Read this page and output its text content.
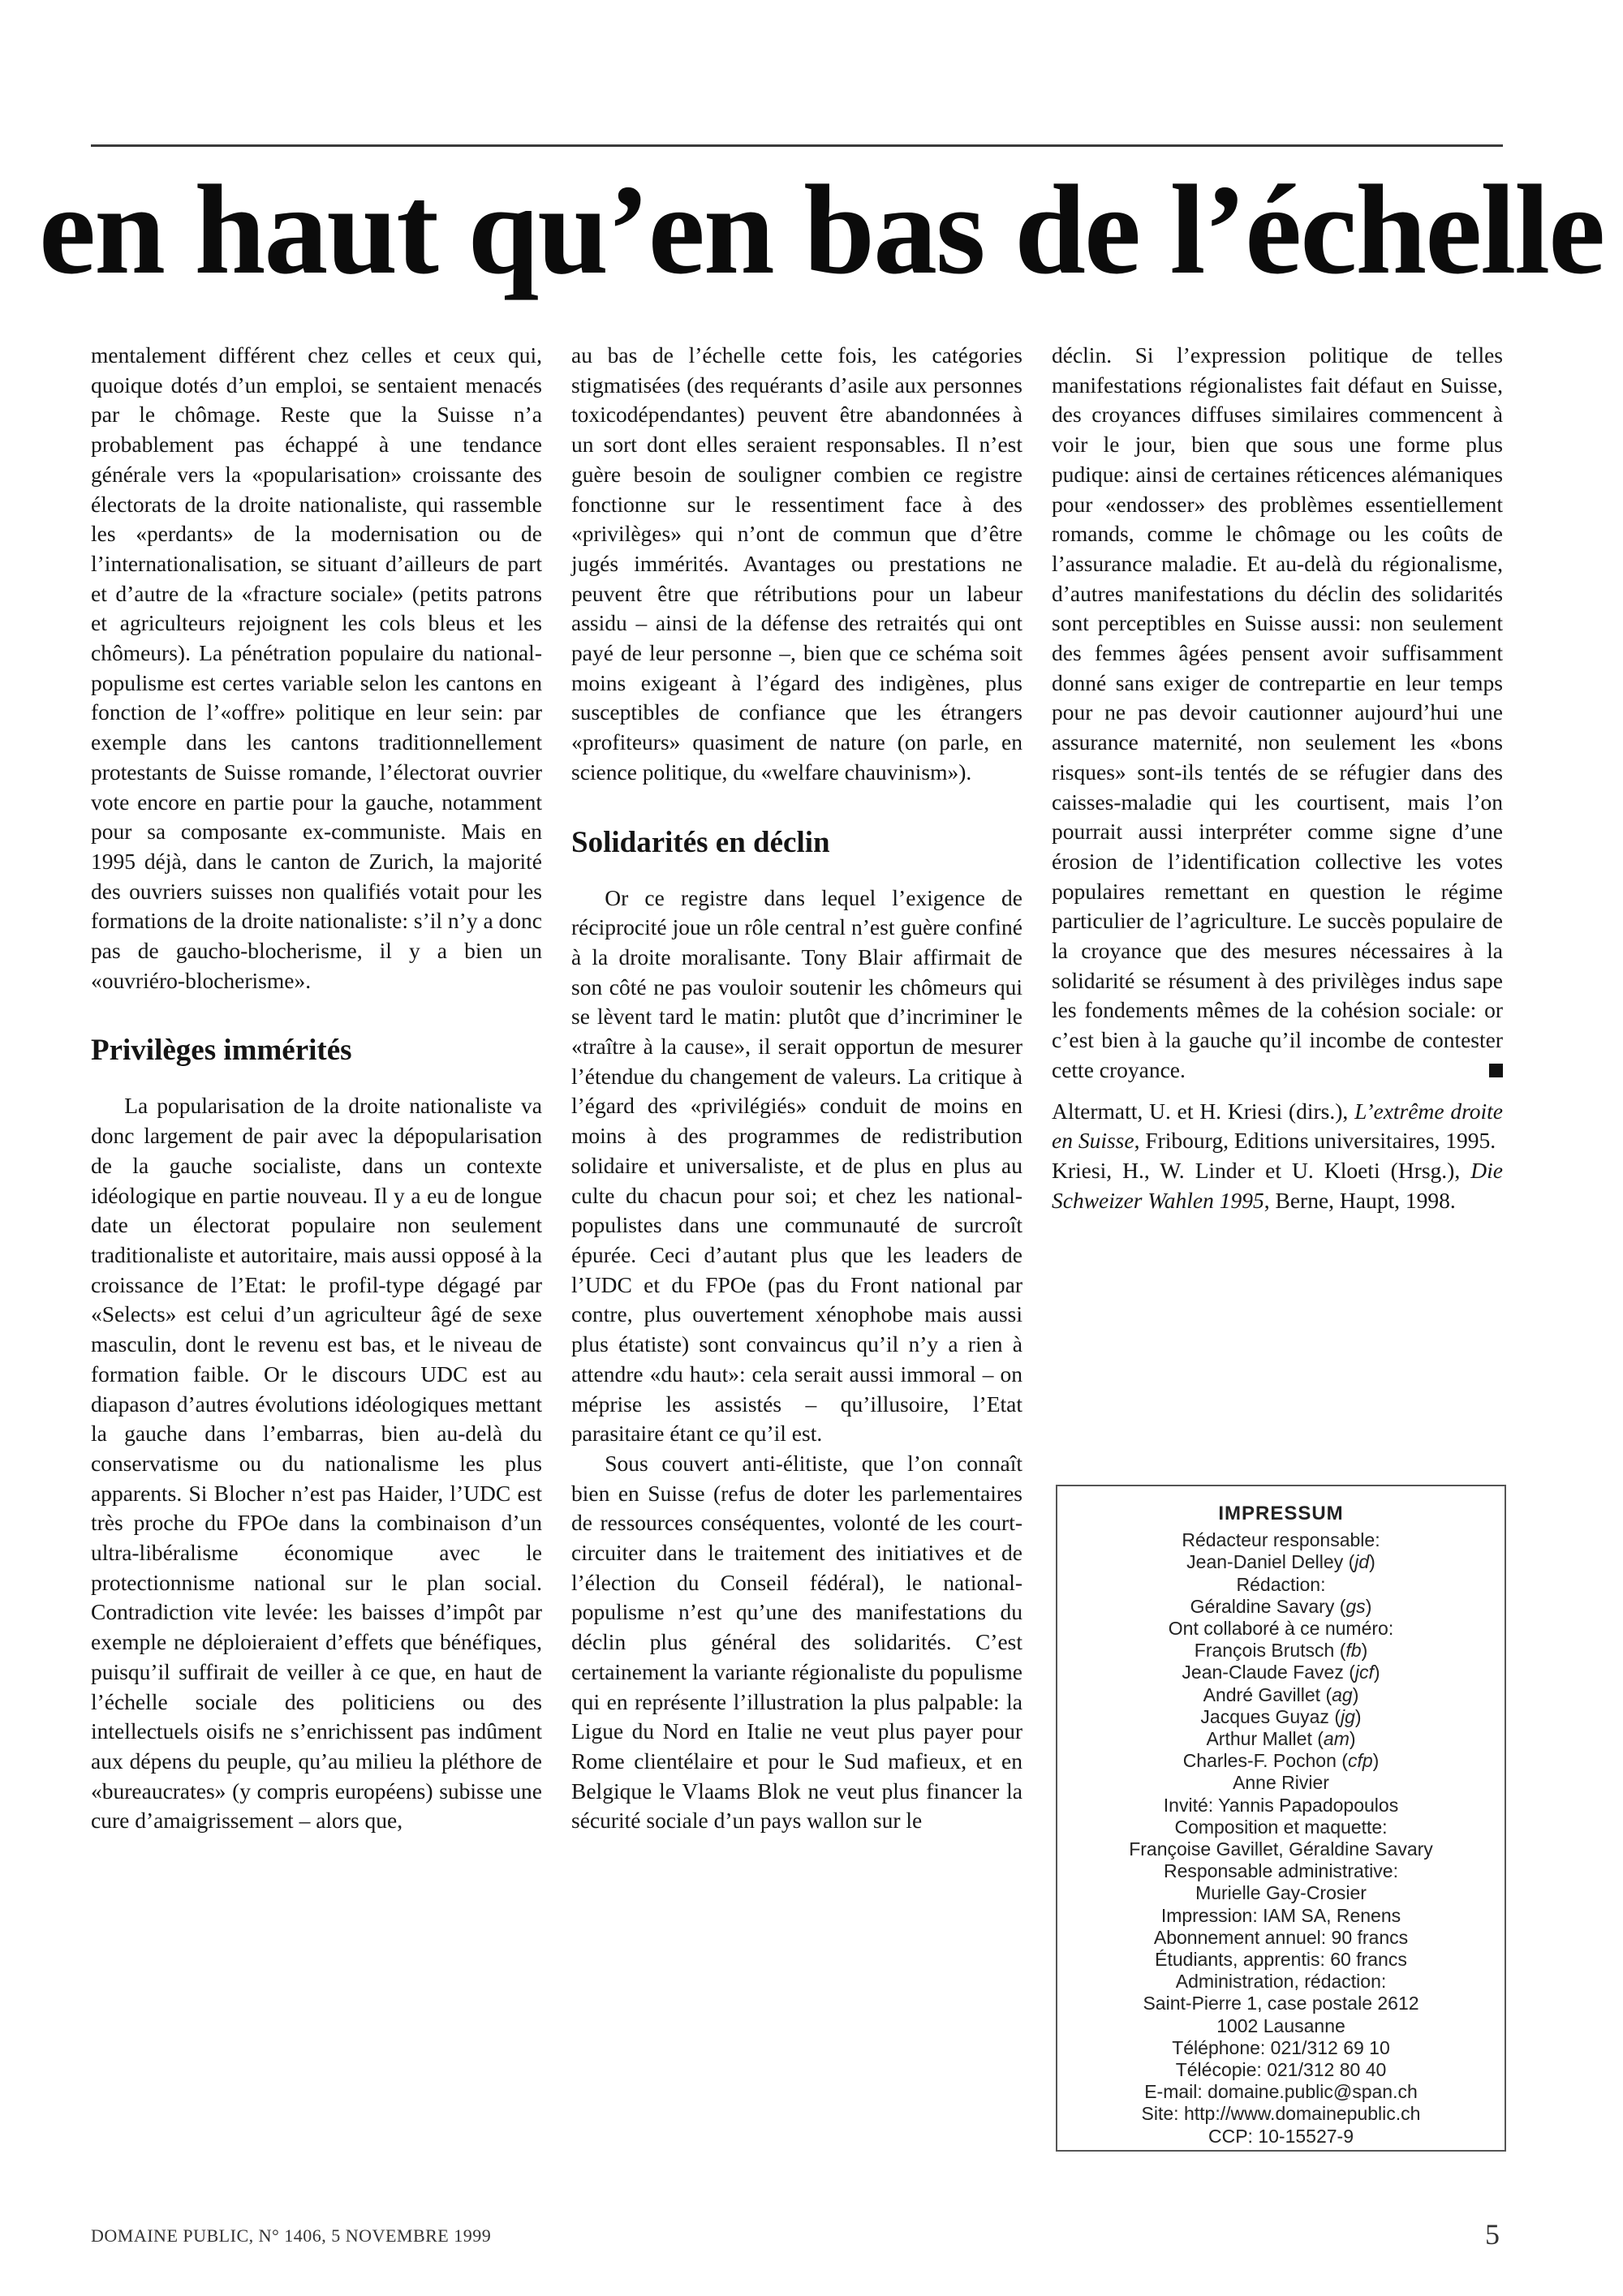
en haut qu’en bas de l’échelle

mentalement différent chez celles et ceux qui, quoique dotés d’un emploi, se sentaient menacés par le chômage. Reste que la Suisse n’a probablement pas échappé à une tendance générale vers la «popularisation» croissante des électorats de la droite nationaliste, qui rassemble les «perdants» de la modernisation ou de l’internationalisation, se situant d’ailleurs de part et d’autre de la «fracture sociale» (petits patrons et agriculteurs rejoignent les cols bleus et les chômeurs). La pénétration populaire du national-populisme est certes variable selon les cantons en fonction de l’«offre» politique en leur sein: par exemple dans les cantons traditionnellement protestants de Suisse romande, l’électorat ouvrier vote encore en partie pour la gauche, notamment pour sa composante ex-communiste. Mais en 1995 déjà, dans le canton de Zurich, la majorité des ouvriers suisses non qualifiés votait pour les formations de la droite nationaliste: s’il n’y a donc pas de gaucho-blocherisme, il y a bien un «ouvriéro-blocherisme».

Privilèges immérités

La popularisation de la droite nationaliste va donc largement de pair avec la dépopularisation de la gauche socialiste, dans un contexte idéologique en partie nouveau. Il y a eu de longue date un électorat populaire non seulement traditionaliste et autoritaire, mais aussi opposé à la croissance de l’Etat: le profil-type dégagé par «Selects» est celui d’un agriculteur âgé de sexe masculin, dont le revenu est bas, et le niveau de formation faible. Or le discours UDC est au diapason d’autres évolutions idéologiques mettant la gauche dans l’embarras, bien au-delà du conservatisme ou du nationalisme les plus apparents. Si Blocher n’est pas Haider, l’UDC est très proche du FPOe dans la combinaison d’un ultra-libéralisme économique avec le protectionnisme national sur le plan social. Contradiction vite levée: les baisses d’impôt par exemple ne déploieraient d’effets que bénéfiques, puisqu’il suffirait de veiller à ce que, en haut de l’échelle sociale des politiciens ou des intellectuels oisifs ne s’enrichissent pas indûment aux dépens du peuple, qu’au milieu la pléthore de «bureaucrates» (y compris européens) subisse une cure d’amaigrissement – alors que,

au bas de l’échelle cette fois, les catégories stigmatisées (des requérants d’asile aux personnes toxicodépendantes) peuvent être abandonnées à un sort dont elles seraient responsables. Il n’est guère besoin de souligner combien ce registre fonctionne sur le ressentiment face à des «privilèges» qui n’ont de commun que d’être jugés immérités. Avantages ou prestations ne peuvent être que rétributions pour un labeur assidu – ainsi de la défense des retraités qui ont payé de leur personne –, bien que ce schéma soit moins exigeant à l’égard des indigènes, plus susceptibles de confiance que les étrangers «profiteurs» quasiment de nature (on parle, en science politique, du «welfare chauvinism»).

Solidarités en déclin

Or ce registre dans lequel l’exigence de réciprocité joue un rôle central n’est guère confiné à la droite moralisante. Tony Blair affirmait de son côté ne pas vouloir soutenir les chômeurs qui se lèvent tard le matin: plutôt que d’incriminer le «traître à la cause», il serait opportun de mesurer l’étendue du changement de valeurs. La critique à l’égard des «privilégiés» conduit de moins en moins à des programmes de redistribution solidaire et universaliste, et de plus en plus au culte du chacun pour soi; et chez les national-populistes dans une communauté de surcroît épurée. Ceci d’autant plus que les leaders de l’UDC et du FPOe (pas du Front national par contre, plus ouvertement xénophobe mais aussi plus étatiste) sont convaincus qu’il n’y a rien à attendre «du haut»: cela serait aussi immoral – on méprise les assistés – qu’illusoire, l’Etat parasitaire étant ce qu’il est.

Sous couvert anti-élitiste, que l’on connaît bien en Suisse (refus de doter les parlementaires de ressources conséquentes, volonté de les court-circuiter dans le traitement des initiatives et de l’élection du Conseil fédéral), le national-populisme n’est qu’une des manifestations du déclin plus général des solidarités. C’est certainement la variante régionaliste du populisme qui en représente l’illustration la plus palpable: la Ligue du Nord en Italie ne veut plus payer pour Rome clientélaire et pour le Sud mafieux, et en Belgique le Vlaams Blok ne veut plus financer la sécurité sociale d’un pays wallon sur le

déclin. Si l’expression politique de telles manifestations régionalistes fait défaut en Suisse, des croyances diffuses similaires commencent à voir le jour, bien que sous une forme plus pudique: ainsi de certaines réticences alémaniques pour «endosser» des problèmes essentiellement romands, comme le chômage ou les coûts de l’assurance maladie. Et au-delà du régionalisme, d’autres manifestations du déclin des solidarités sont perceptibles en Suisse aussi: non seulement des femmes âgées pensent avoir suffisamment donné sans exiger de contrepartie en leur temps pour ne pas devoir cautionner aujourd’hui une assurance maternité, non seulement les «bons risques» sont-ils tentés de se réfugier dans des caisses-maladie qui les courtisent, mais l’on pourrait aussi interpréter comme signe d’une érosion de l’identification collective les votes populaires remettant en question le régime particulier de l’agriculture. Le succès populaire de la croyance que des mesures nécessaires à la solidarité se résument à des privilèges indus sape les fondements mêmes de la cohésion sociale: or c’est bien à la gauche qu’il incombe de contester cette croyance.

Altermatt, U. et H. Kriesi (dirs.), L’extrême droite en Suisse, Fribourg, Editions universitaires, 1995.

Kriesi, H., W. Linder et U. Kloeti (Hrsg.), Die Schweizer Wahlen 1995, Berne, Haupt, 1998.

IMPRESSUM
Rédacteur responsable:
Jean-Daniel Delley (jd)
Rédaction:
Géraldine Savary (gs)
Ont collaboré à ce numéro:
François Brutsch (fb)
Jean-Claude Favez (jcf)
André Gavillet (ag)
Jacques Guyaz (jg)
Arthur Mallet (am)
Charles-F. Pochon (cfp)
Anne Rivier
Invité: Yannis Papadopoulos
Composition et maquette:
Françoise Gavillet, Géraldine Savary
Responsable administrative:
Murielle Gay-Crosier
Impression: IAM SA, Renens
Abonnement annuel: 90 francs
Étudiants, apprentis: 60 francs
Administration, rédaction:
Saint-Pierre 1, case postale 2612
1002 Lausanne
Téléphone: 021/312 69 10
Télécopie: 021/312 80 40
E-mail: domaine.public@span.ch
Site: http://www.domainepublic.ch
CCP: 10-15527-9
DOMAINE PUBLIC, N° 1406, 5 NOVEMBRE 1999	5
